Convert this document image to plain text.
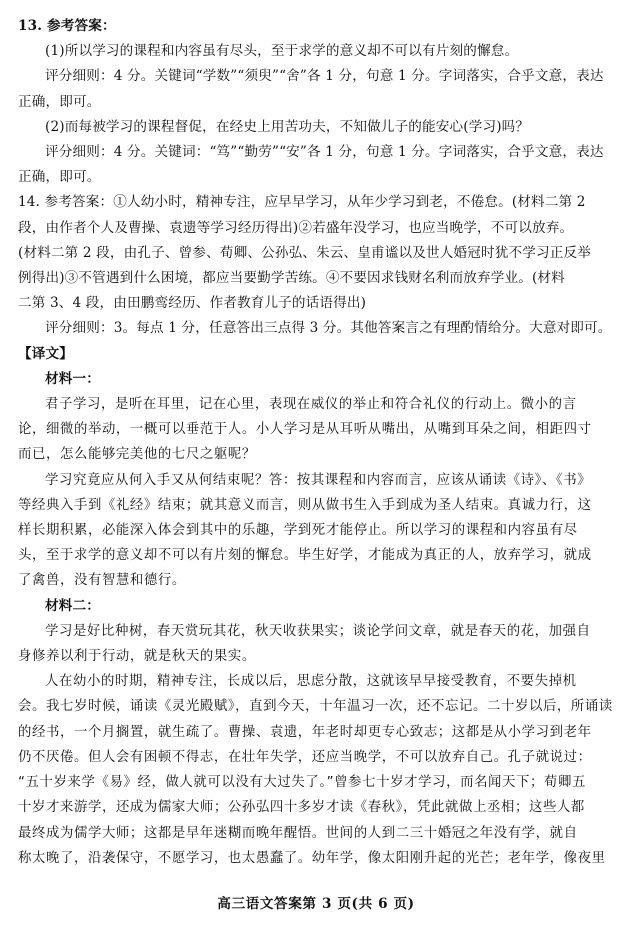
13. 参考答案：

(1)所以学习的课程和内容虽有尽头，至于求学的意义却不可以有片刻的懈怠。

评分细则：4 分。关键词“学数”“须臾”“舍”各 1 分，句意 1 分。字词落实，合乎文意，表达

正确，即可。

(2)而每被学习的课程督促，在经史上用苦功夫，不知做儿子的能安心(学习)吗？

评分细则：4 分。关键词：“笃”“勤劳”“安”各 1 分，句意 1 分。字词落实，合乎文意，表达

正确，即可。

14. 参考答案：①人幼小时，精神专注，应早早学习，从年少学习到老，不倦怠。(材料二第 2

段，由作者个人及曹操、袁遗等学习经历得出)②若盛年没学习，也应当晚学，不可以放弃。

(材料二第 2 段，由孔子、曾参、荀卿、公孙弘、朱云、皇甫谧以及世人婚冠时犹不学习正反举

例得出)③不管遇到什么困境，都应当要勤学苦练。④不要因求钱财名利而放弃学业。(材料

二第 3、4 段，由田鹏鸾经历、作者教育儿子的话语得出)

评分细则：3。每点 1 分，任意答出三点得 3 分。其他答案言之有理酌情给分。大意对即可。

【译文】

材料一：

君子学习，是听在耳里，记在心里，表现在威仪的举止和符合礼仪的行动上。微小的言

论，细微的举动，一概可以垂范于人。小人学习是从耳听从嘴出，从嘴到耳朵之间，相距四寸

而已，怎么能够完美他的七尺之躯呢？

学习究竟应从何入手又从何结束呢？答：按其课程和内容而言，应该从诵读《诗》、《书》

等经典入手到《礼经》结束；就其意义而言，则从做书生入手到成为圣人结束。真诚力行，这

样长期积累，必能深入体会到其中的乐趣，学到死才能停止。所以学习的课程和内容虽有尽

头，至于求学的意义却不可以有片刻的懈怠。毕生好学，才能成为真正的人，放弃学习，就成

了禽兽，没有智慧和德行。

材料二：

学习是好比种树，春天赏玩其花，秋天收获果实；谈论学问文章，就是春天的花，加强自

身修养以利于行动，就是秋天的果实。

人在幼小的时期，精神专注，长成以后，思虑分散，这就该早早接受教育，不要失掉机

会。我七岁时候，诵读《灵光殿赋》，直到今天，十年温习一次，还不忘记。二十岁以后，所诵读

的经书，一个月搁置，就生疏了。曹操、袁遗，年老时却更专心致志；这都是从小学习到老年

仍不厌倦。但人会有困顿不得志，在壮年失学，还应当晚学，不可以放弃自己。孔子就说过：

“五十岁来学《易》经，做人就可以没有大过失了。”曾参七十岁才学习，而名闻天下；荀卿五

十岁才来游学，还成为儒家大师；公孙弘四十多岁才读《春秋》，凭此就做上丞相；这些人都

最终成为儒学大师；这都是早年迷糊而晚年醒悟。世间的人到二三十婚冠之年没有学，就自

称太晚了，沿袭保守，不愿学习，也太愚蠢了。幼年学，像太阳刚升起的光芒；老年学，像夜里

高三语文答案第 3 页(共 6 页)
